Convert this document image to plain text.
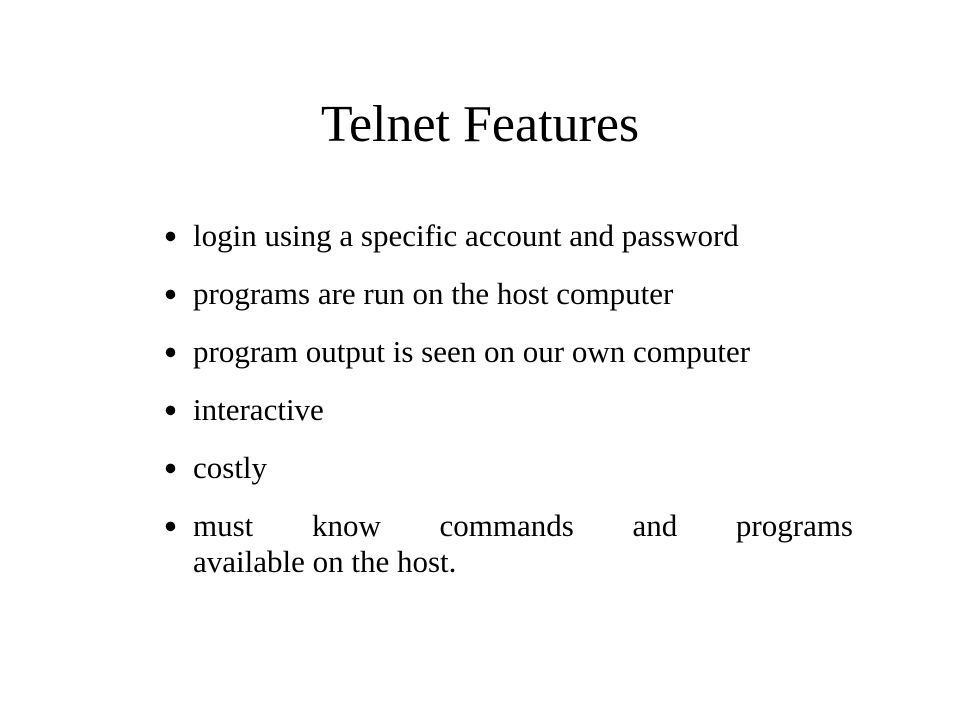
Telnet Features
⦁ login using a specific account and password
⦁ programs are run on the host computer
⦁ program output is seen on our own computer
⦁ interactive
⦁ costly
⦁ must know commands and programs
available on the host.
